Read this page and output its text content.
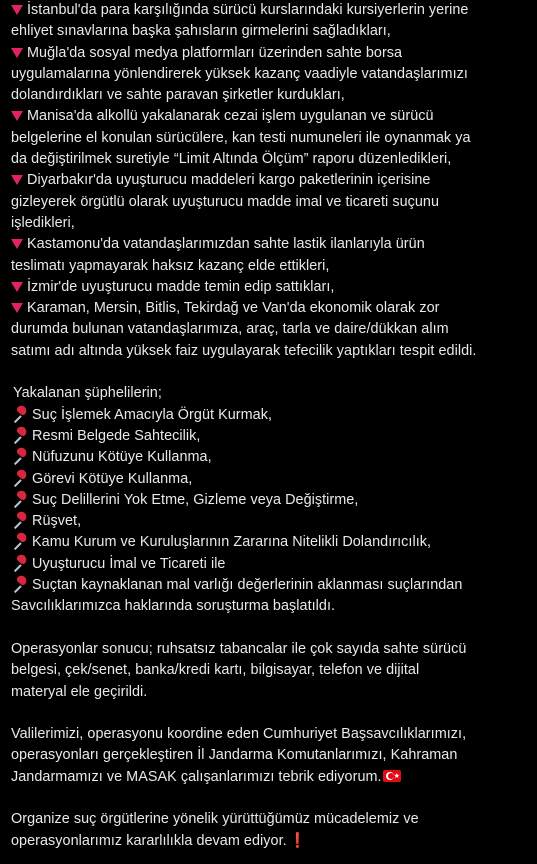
İstanbul'da para karşılığında sürücü kurslarındaki kursiyerlerin yerine
ehliyet sınavlarına başka şahısların girmelerini sağladıkları,
Muğla'da sosyal medya platformları üzerinden sahte borsa
uygulamalarına yönlendirerek yüksek kazanç vaadiyle vatandaşlarımızı
dolandırdıkları ve sahte paravan şirketler kurdukları,
Manisa'da alkollü yakalanarak cezai işlem uygulanan ve sürücü
belgelerine el konulan sürücülere, kan testi numuneleri ile oynanmak ya
da değiştirilmek suretiyle “Limit Altında Ölçüm” raporu düzenledikleri,
Diyarbakır'da uyuşturucu maddeleri kargo paketlerinin içerisine
gizleyerek örgütlü olarak uyuşturucu madde imal ve ticareti suçunu
işledikleri,
Kastamonu'da vatandaşlarımızdan sahte lastik ilanlarıyla ürün
teslimatı yapmayarak haksız kazanç elde ettikleri,
İzmir'de uyuşturucu madde temin edip sattıkları,
Karaman, Mersin, Bitlis, Tekirdağ ve Van'da ekonomik olarak zor
durumda bulunan vatandaşlarımıza, araç, tarla ve daire/dükkan alım
satımı adı altında yüksek faiz uygulayarak tefecilik yaptıkları tespit edildi.
Yakalanan şüphelilerin;
Suç İşlemek Amacıyla Örgüt Kurmak,
Resmi Belgede Sahtecilik,
Nüfuzunu Kötüye Kullanma,
Görevi Kötüye Kullanma,
Suç Delillerini Yok Etme, Gizleme veya Değiştirme,
Rüşvet,
Kamu Kurum ve Kuruluşlarının Zararına Nitelikli Dolandırıcılık,
Uyuşturucu İmal ve Ticareti ile
Suçtan kaynaklanan mal varlığı değerlerinin aklanması suçlarından
Savcılıklarımızca haklarında soruşturma başlatıldı.
Operasyonlar sonucu; ruhsatsız tabancalar ile çok sayıda sahte sürücü
belgesi, çek/senet, banka/kredi kartı, bilgisayar, telefon ve dijital
materyal ele geçirildi.
Valilerimizi, operasyonu koordine eden Cumhuriyet Başsavcılıklarımızı,
operasyonları gerçekleştiren İl Jandarma Komutanlarımızı, Kahraman
Jandarmamızı ve MASAK çalışanlarımızı tebrik ediyorum. ★
Organize suç örgütlerine yönelik yürüttüğümüz mücadelemiz ve
operasyonlarımız kararlılıkla devam ediyor. ❗
